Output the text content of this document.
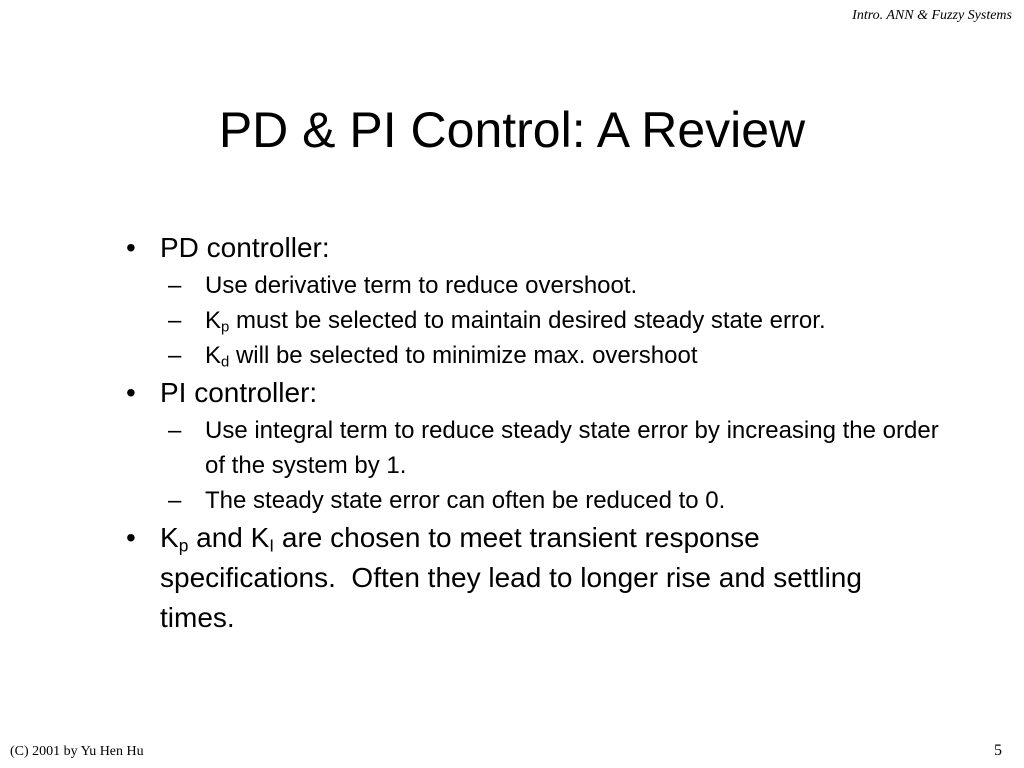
Intro. ANN & Fuzzy Systems
PD & PI Control: A Review
• PD controller:
– Use derivative term to reduce overshoot.
– $K_p$ must be selected to maintain desired steady state error.
– $K_d$ will be selected to minimize max. overshoot
• PI controller:
– Use integral term to reduce steady state error by increasing the order of the system by 1.
– The steady state error can often be reduced to 0.
• $K_p$ and $K_I$ are chosen to meet transient response specifications.  Often they lead to longer rise and settling times.
(C) 2001 by Yu Hen Hu	5
